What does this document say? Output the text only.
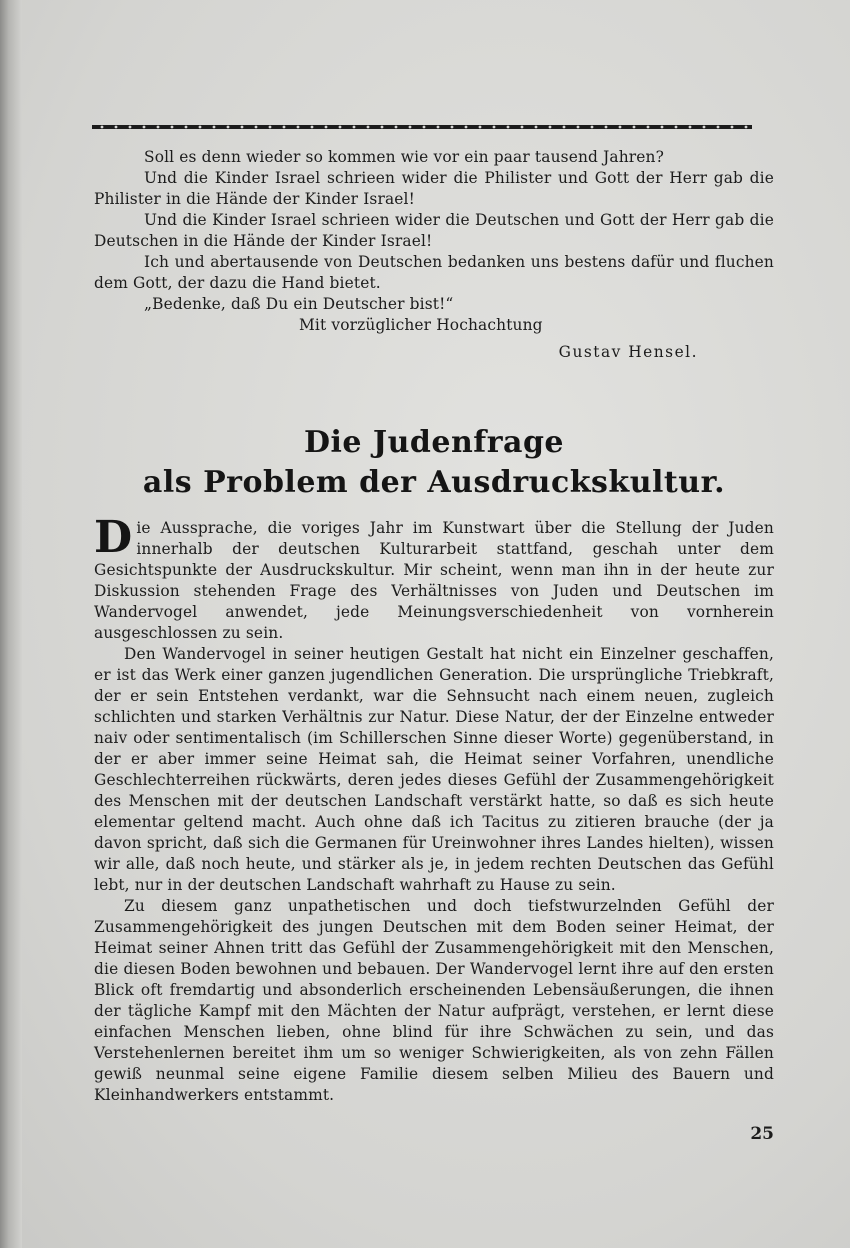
Soll es denn wieder so kommen wie vor ein paar tausend Jahren?

Und die Kinder Israel schrieen wider die Philister und Gott der Herr gab die Philister in die Hände der Kinder Israel!

Und die Kinder Israel schrieen wider die Deutschen und Gott der Herr gab die Deutschen in die Hände der Kinder Israel!

Ich und abertausende von Deutschen bedanken uns bestens dafür und fluchen dem Gott, der dazu die Hand bietet.

„Bedenke, daß Du ein Deutscher bist!“

Mit vorzüglicher Hochachtung

Gustav Hensel.

Die Judenfrage
als Problem der Ausdruckskultur.

Die Aussprache, die voriges Jahr im Kunstwart über die Stellung der Juden innerhalb der deutschen Kulturarbeit stattfand, geschah unter dem Gesichtspunkte der Ausdruckskultur. Mir scheint, wenn man ihn in der heute zur Diskussion stehenden Frage des Verhältnisses von Juden und Deutschen im Wandervogel anwendet, jede Meinungsverschiedenheit von vornherein ausgeschlossen zu sein.

Den Wandervogel in seiner heutigen Gestalt hat nicht ein Einzelner geschaffen, er ist das Werk einer ganzen jugendlichen Generation. Die ursprüngliche Triebkraft, der er sein Entstehen verdankt, war die Sehnsucht nach einem neuen, zugleich schlichten und starken Verhältnis zur Natur. Diese Natur, der der Einzelne entweder naiv oder sentimentalisch (im Schillerschen Sinne dieser Worte) gegenüberstand, in der er aber immer seine Heimat sah, die Heimat seiner Vorfahren, unendliche Geschlechterreihen rückwärts, deren jedes dieses Gefühl der Zusammengehörigkeit des Menschen mit der deutschen Landschaft verstärkt hatte, so daß es sich heute elementar geltend macht. Auch ohne daß ich Tacitus zu zitieren brauche (der ja davon spricht, daß sich die Germanen für Ureinwohner ihres Landes hielten), wissen wir alle, daß noch heute, und stärker als je, in jedem rechten Deutschen das Gefühl lebt, nur in der deutschen Landschaft wahrhaft zu Hause zu sein.

Zu diesem ganz unpathetischen und doch tiefstwurzelnden Gefühl der Zusammengehörigkeit des jungen Deutschen mit dem Boden seiner Heimat, der Heimat seiner Ahnen tritt das Gefühl der Zusammengehörigkeit mit den Menschen, die diesen Boden bewohnen und bebauen. Der Wandervogel lernt ihre auf den ersten Blick oft fremdartig und absonderlich erscheinenden Lebensäußerungen, die ihnen der tägliche Kampf mit den Mächten der Natur aufprägt, verstehen, er lernt diese einfachen Menschen lieben, ohne blind für ihre Schwächen zu sein, und das Verstehenlernen bereitet ihm um so weniger Schwierigkeiten, als von zehn Fällen gewiß neunmal seine eigene Familie diesem selben Milieu des Bauern und Kleinhandwerkers entstammt.

25
